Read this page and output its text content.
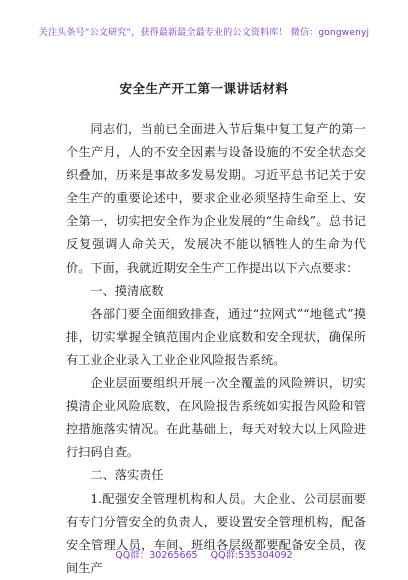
关注头条号“公文研究”，获得最新最全最专业的公文资料库！ 微信：gongwenyj
安全生产开工第一课讲话材料

同志们，当前已全面进入节后集中复工复产的第一个生产月，人的不安全因素与设备设施的不安全状态交织叠加，历来是事故多发易发期。习近平总书记关于安全生产的重要论述中，要求企业必须坚持生命至上、安全第一，切实把安全作为企业发展的“生命线”。总书记反复强调人命关天，发展决不能以牺牲人的生命为代价。下面，我就近期安全生产工作提出以下六点要求：

一、摸清底数

各部门要全面细致排查，通过“拉网式”“地毯式”摸排，切实掌握全镇范围内企业底数和安全现状，确保所有工业企业录入工业企业风险报告系统。

企业层面要组织开展一次全覆盖的风险辨识，切实摸清企业风险底数，在风险报告系统如实报告风险和管控措施落实情况。在此基础上，每天对较大以上风险进行扫码自查。

二、落实责任

1.配强安全管理机构和人员。大企业、公司层面要有专门分管安全的负责人，要设置安全管理机构，配备安全管理人员，车间、班组各层级都要配备安全员，夜间生产

QQ群：30265665 QQ群:535304092
